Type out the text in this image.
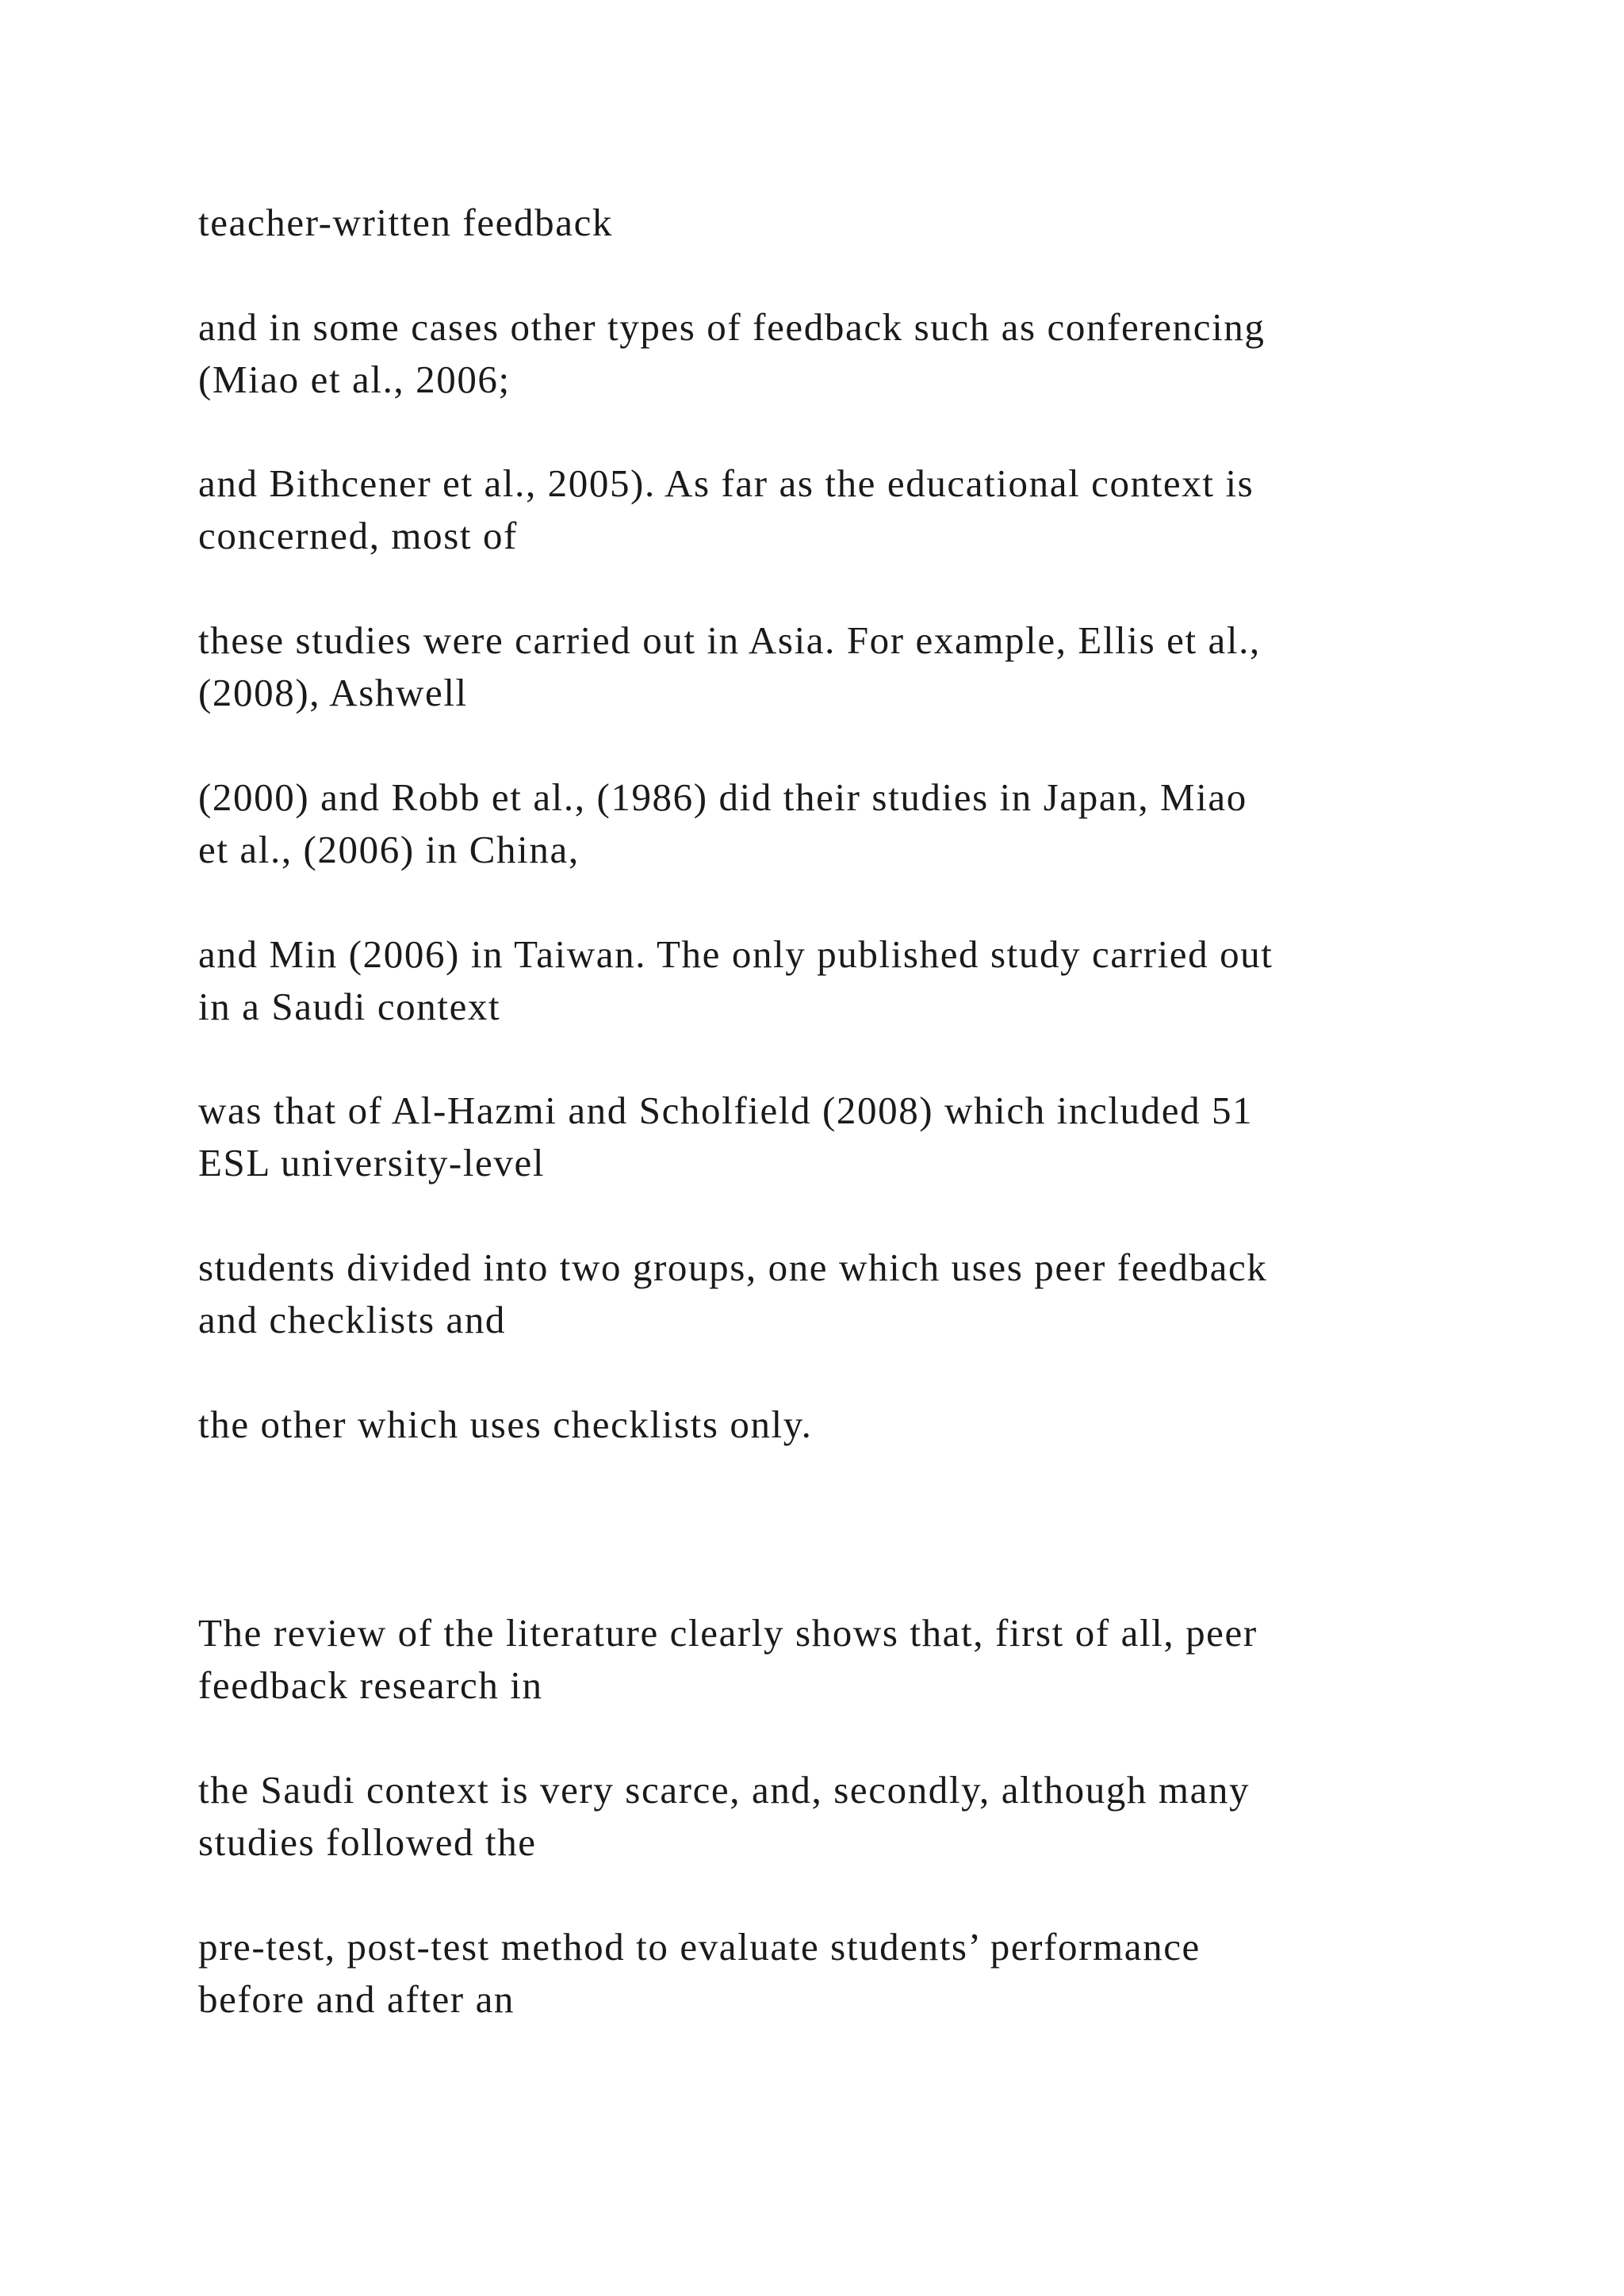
teacher-written feedback
and in some cases other types of feedback such as conferencing
(Miao et al., 2006;
and Bithcener et al., 2005). As far as the educational context is
concerned, most of
these studies were carried out in Asia. For example, Ellis et al.,
(2008), Ashwell
(2000) and Robb et al., (1986) did their studies in Japan, Miao
et al., (2006) in China,
and Min (2006) in Taiwan. The only published study carried out
in a Saudi context
was that of Al-Hazmi and Scholfield (2008) which included 51
ESL university-level
students divided into two groups, one which uses peer feedback
and checklists and
the other which uses checklists only.
The review of the literature clearly shows that, first of all, peer
feedback research in
the Saudi context is very scarce, and, secondly, although many
studies followed the
pre-test, post-test method to evaluate students’ performance
before and after an
